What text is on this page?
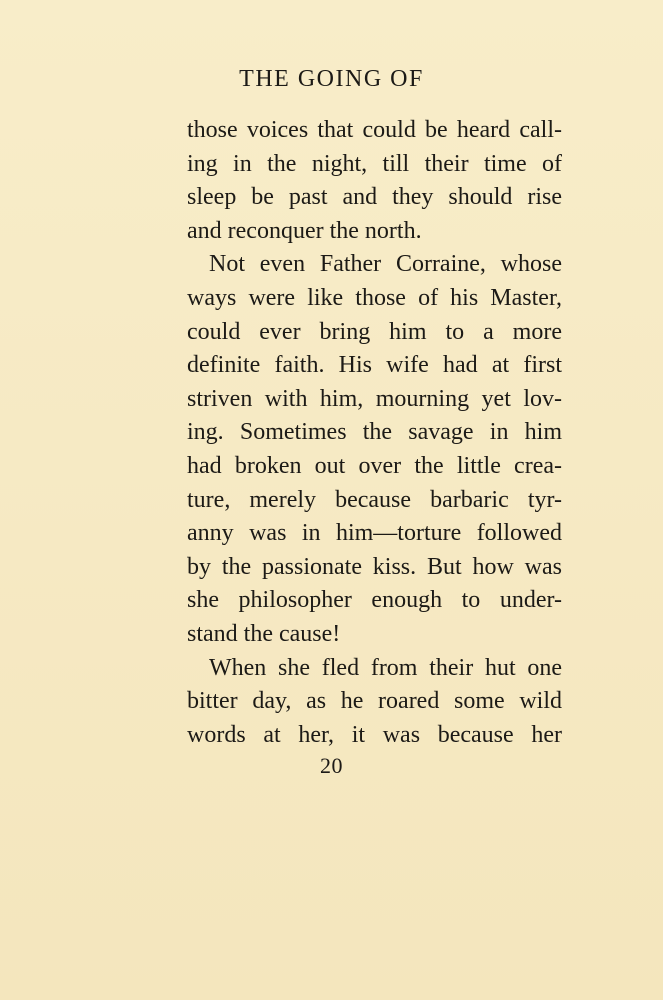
THE GOING OF
those voices that could be heard call-
ing in the night, till their time of
sleep be past and they should rise
and reconquer the north.
Not even Father Corraine, whose
ways were like those of his Master,
could ever bring him to a more
definite faith. His wife had at first
striven with him, mourning yet lov-
ing. Sometimes the savage in him
had broken out over the little crea-
ture, merely because barbaric tyr-
anny was in him—torture followed
by the passionate kiss. But how was
she philosopher enough to under-
stand the cause!
When she fled from their hut one
bitter day, as he roared some wild
words at her, it was because her
20
